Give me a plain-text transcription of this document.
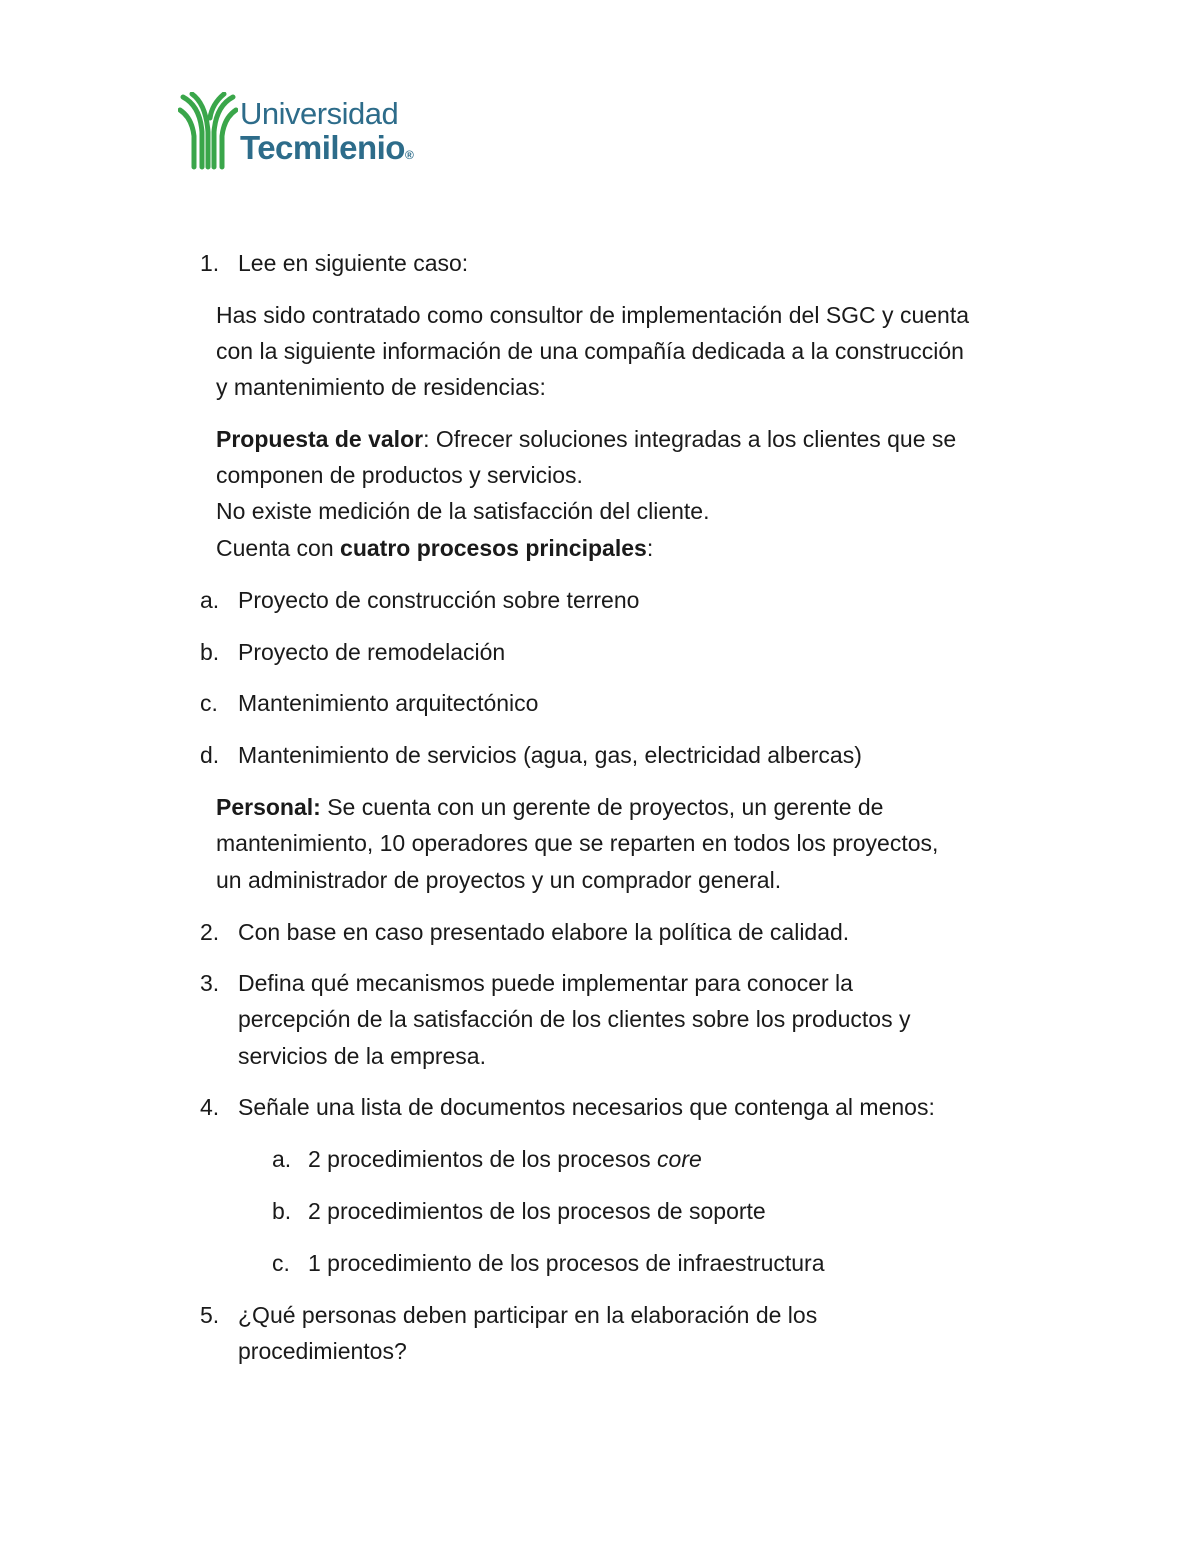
Universidad
Tecmilenio®
1. Lee en siguiente caso:
Has sido contratado como consultor de implementación del SGC y cuenta
con la siguiente información de una compañía dedicada a la construcción
y mantenimiento de residencias:
Propuesta de valor: Ofrecer soluciones integradas a los clientes que se
componen de productos y servicios.
No existe medición de la satisfacción del cliente.
Cuenta con cuatro procesos principales:
a. Proyecto de construcción sobre terreno
b. Proyecto de remodelación
c. Mantenimiento arquitectónico
d. Mantenimiento de servicios (agua, gas, electricidad albercas)
Personal: Se cuenta con un gerente de proyectos, un gerente de
mantenimiento, 10 operadores que se reparten en todos los proyectos,
un administrador de proyectos y un comprador general.
2. Con base en caso presentado elabore la política de calidad.
3. Defina qué mecanismos puede implementar para conocer la
percepción de la satisfacción de los clientes sobre los productos y
servicios de la empresa.
4. Señale una lista de documentos necesarios que contenga al menos:
a. 2 procedimientos de los procesos core
b. 2 procedimientos de los procesos de soporte
c. 1 procedimiento de los procesos de infraestructura
5. ¿Qué personas deben participar en la elaboración de los
procedimientos?
